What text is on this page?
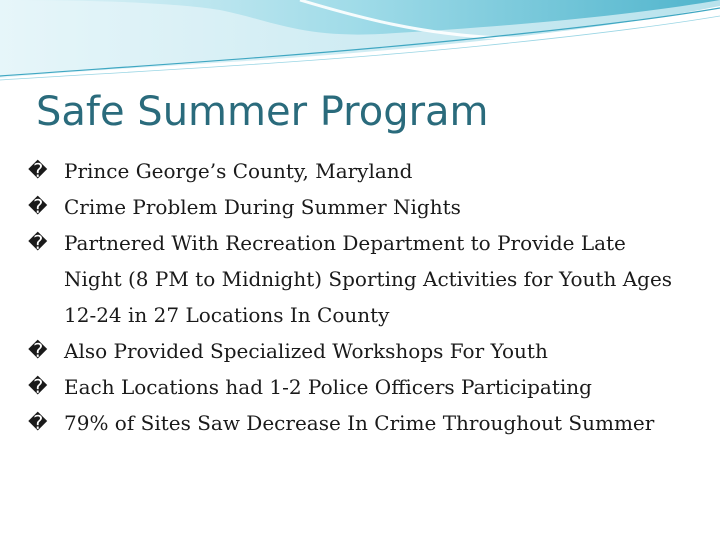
Safe Summer Program
� Prince George’s County, Maryland
� Crime Problem During Summer Nights
� Partnered With Recreation Department to Provide Late Night (8 PM to Midnight) Sporting Activities for Youth Ages 12-24 in 27 Locations In County
� Also Provided Specialized Workshops For Youth
� Each Locations had 1-2 Police Officers Participating
� 79% of Sites Saw Decrease In Crime Throughout Summer
